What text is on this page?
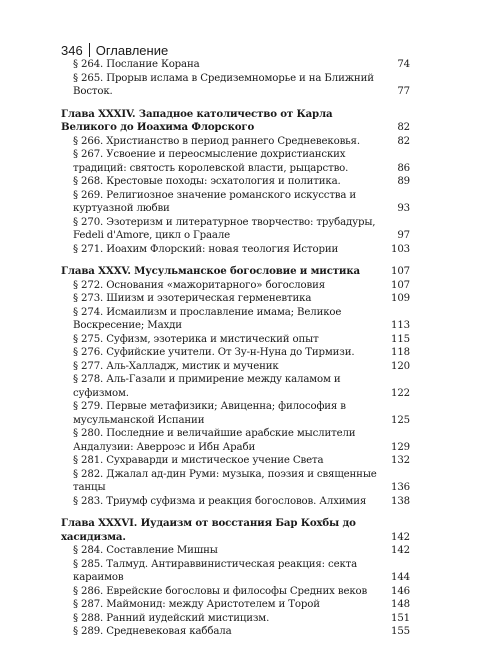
346 Оглавление
§ 264. Послание Корана	74
§ 265. Прорыв ислама в Средиземноморье и на Ближний Восток.	77
Глава XXXIV. Западное католичество от Карла Великого до Иоахима Флорского	82
§ 266. Христианство в период раннего Средневековья.	82
§ 267. Усвоение и переосмысление дохристианских традиций: святость королевской власти, рыцарство.	86
§ 268. Крестовые походы: эсхатология и политика.	89
§ 269. Религиозное значение романского искусства и куртуазной любви	93
§ 270. Эзотеризм и литературное творчество: трубадуры, Fedeli d'Amore, цикл о Граале	97
§ 271. Иоахим Флорский: новая теология Истории	103
Глава XXXV. Мусульманское богословие и мистика	107
§ 272. Основания «мажоритарного» богословия	107
§ 273. Шиизм и эзотерическая герменевтика	109
§ 274. Исмаилизм и прославление имама; Великое Воскресение; Махди	113
§ 275. Суфизм, эзотерика и мистический опыт	115
§ 276. Суфийские учители. От Зу-н-Нуна до Тирмизи.	118
§ 277. Аль-Халладж, мистик и мученик	120
§ 278. Аль-Газали и примирение между каламом и суфизмом.	122
§ 279. Первые метафизики; Авиценна; философия в мусульманской Испании	125
§ 280. Последние и величайшие арабские мыслители Андалузии: Аверроэс и Ибн Араби	129
§ 281. Сухраварди и мистическое учение Света	132
§ 282. Джалал ад-дин Руми: музыка, поэзия и священные танцы	136
§ 283. Триумф суфизма и реакция богословов. Алхимия 138
Глава XXXVI. Иудаизм от восстания Бар Кохбы до хасидизма.	142
§ 284. Составление Мишны	142
§ 285. Талмуд. Антираввинистическая реакция: секта караимов	144
§ 286. Еврейские богословы и философы Средних веков 146
§ 287. Маймонид: между Аристотелем и Торой	148
§ 288. Ранний иудейский мистицизм.	151
§ 289. Средневековая каббала	155
